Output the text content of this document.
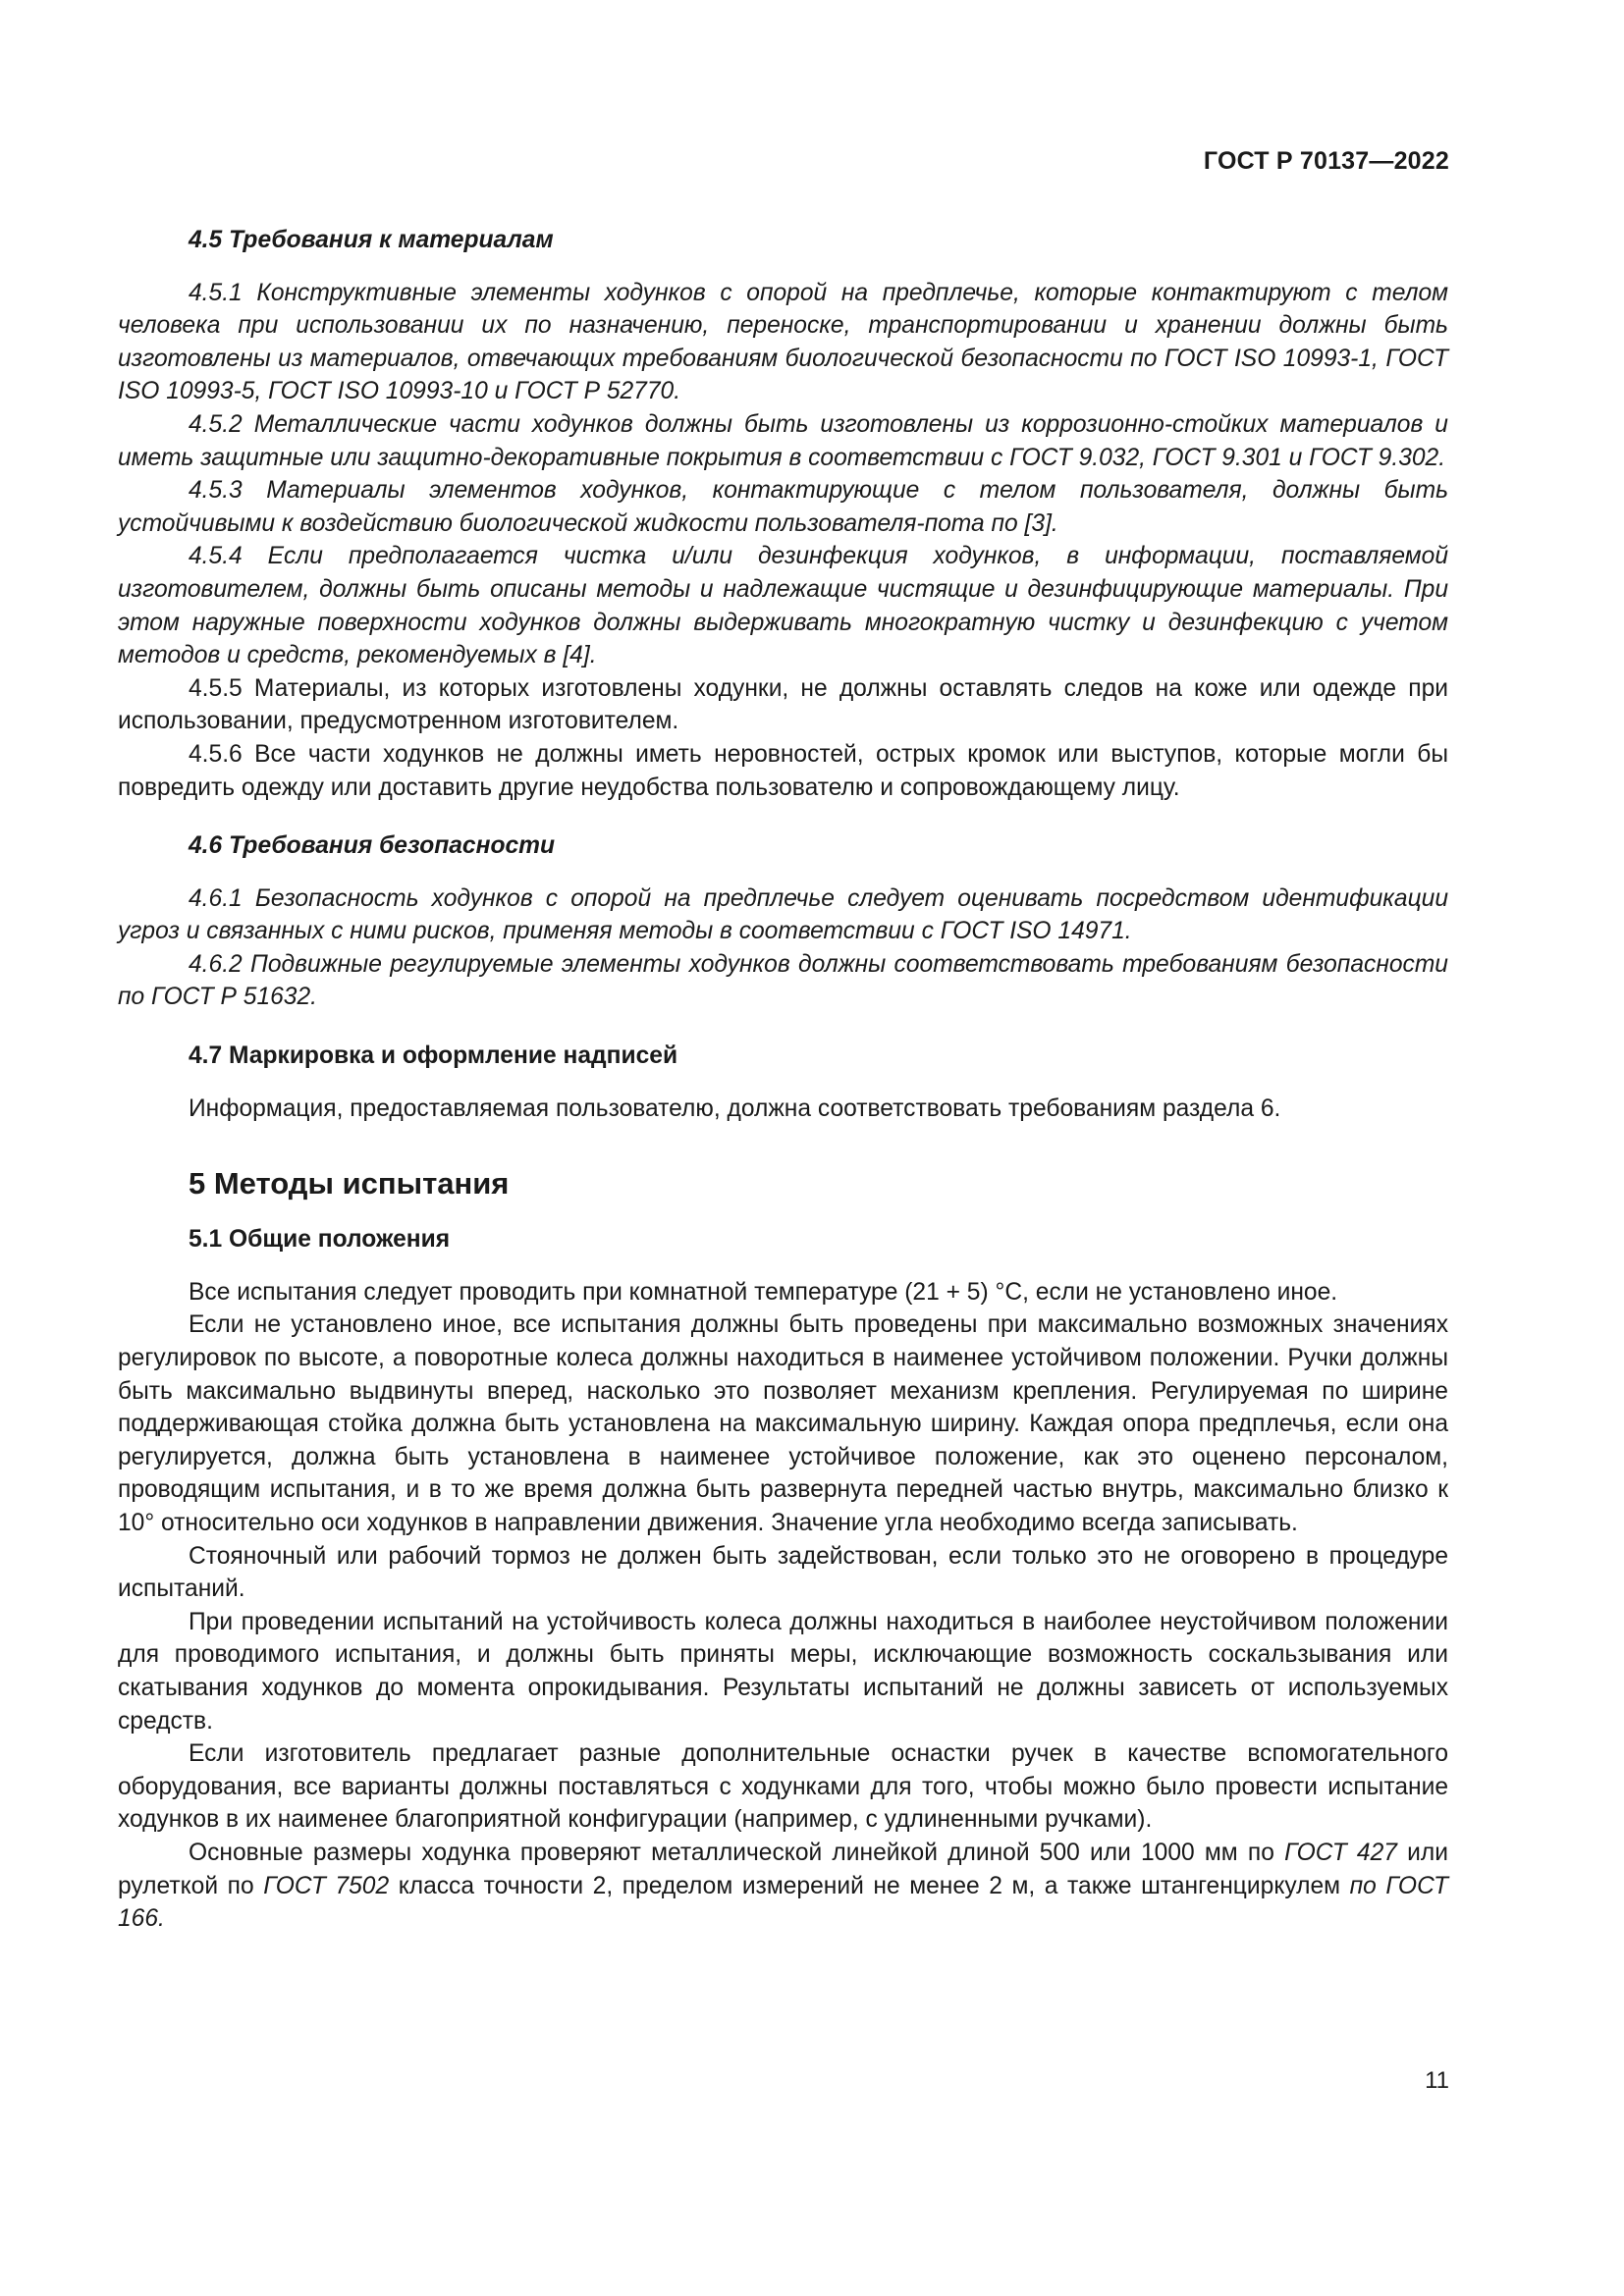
ГОСТ Р 70137—2022
4.5 Требования к материалам

4.5.1 Конструктивные элементы ходунков с опорой на предплечье, которые контактируют с телом человека при использовании их по назначению, переноске, транспортировании и хранении должны быть изготовлены из материалов, отвечающих требованиям биологической безопасности по ГОСТ ISO 10993-1, ГОСТ ISO 10993-5, ГОСТ ISO 10993-10 и ГОСТ Р 52770.

4.5.2 Металлические части ходунков должны быть изготовлены из коррозионно-стойких материалов и иметь защитные или защитно-декоративные покрытия в соответствии с ГОСТ 9.032, ГОСТ 9.301 и ГОСТ 9.302.

4.5.3 Материалы элементов ходунков, контактирующие с телом пользователя, должны быть устойчивыми к воздействию биологической жидкости пользователя-пота по [3].

4.5.4 Если предполагается чистка и/или дезинфекция ходунков, в информации, поставляемой изготовителем, должны быть описаны методы и надлежащие чистящие и дезинфицирующие материалы. При этом наружные поверхности ходунков должны выдерживать многократную чистку и дезинфекцию с учетом методов и средств, рекомендуемых в [4].

4.5.5 Материалы, из которых изготовлены ходунки, не должны оставлять следов на коже или одежде при использовании, предусмотренном изготовителем.

4.5.6 Все части ходунков не должны иметь неровностей, острых кромок или выступов, которые могли бы повредить одежду или доставить другие неудобства пользователю и сопровождающему лицу.

4.6 Требования безопасности

4.6.1 Безопасность ходунков с опорой на предплечье следует оценивать посредством идентификации угроз и связанных с ними рисков, применяя методы в соответствии с ГОСТ ISO 14971.

4.6.2 Подвижные регулируемые элементы ходунков должны соответствовать требованиям безопасности по ГОСТ Р 51632.

4.7 Маркировка и оформление надписей

Информация, предоставляемая пользователю, должна соответствовать требованиям раздела 6.

5 Методы испытания
5.1 Общие положения

Все испытания следует проводить при комнатной температуре (21 + 5) °С, если не установлено иное.

Если не установлено иное, все испытания должны быть проведены при максимально возможных значениях регулировок по высоте, а поворотные колеса должны находиться в наименее устойчивом положении. Ручки должны быть максимально выдвинуты вперед, насколько это позволяет механизм крепления. Регулируемая по ширине поддерживающая стойка должна быть установлена на максимальную ширину. Каждая опора предплечья, если она регулируется, должна быть установлена в наименее устойчивое положение, как это оценено персоналом, проводящим испытания, и в то же время должна быть развернута передней частью внутрь, максимально близко к 10° относительно оси ходунков в направлении движения. Значение угла необходимо всегда записывать.

Стояночный или рабочий тормоз не должен быть задействован, если только это не оговорено в процедуре испытаний.

При проведении испытаний на устойчивость колеса должны находиться в наиболее неустойчивом положении для проводимого испытания, и должны быть приняты меры, исключающие возможность соскальзывания или скатывания ходунков до момента опрокидывания. Результаты испытаний не должны зависеть от используемых средств.

Если изготовитель предлагает разные дополнительные оснастки ручек в качестве вспомогательного оборудования, все варианты должны поставляться с ходунками для того, чтобы можно было провести испытание ходунков в их наименее благоприятной конфигурации (например, с удлиненными ручками).

Основные размеры ходунка проверяют металлической линейкой длиной 500 или 1000 мм по ГОСТ 427 или рулеткой по ГОСТ 7502 класса точности 2, пределом измерений не менее 2 м, а также штангенциркулем по ГОСТ 166.

11
